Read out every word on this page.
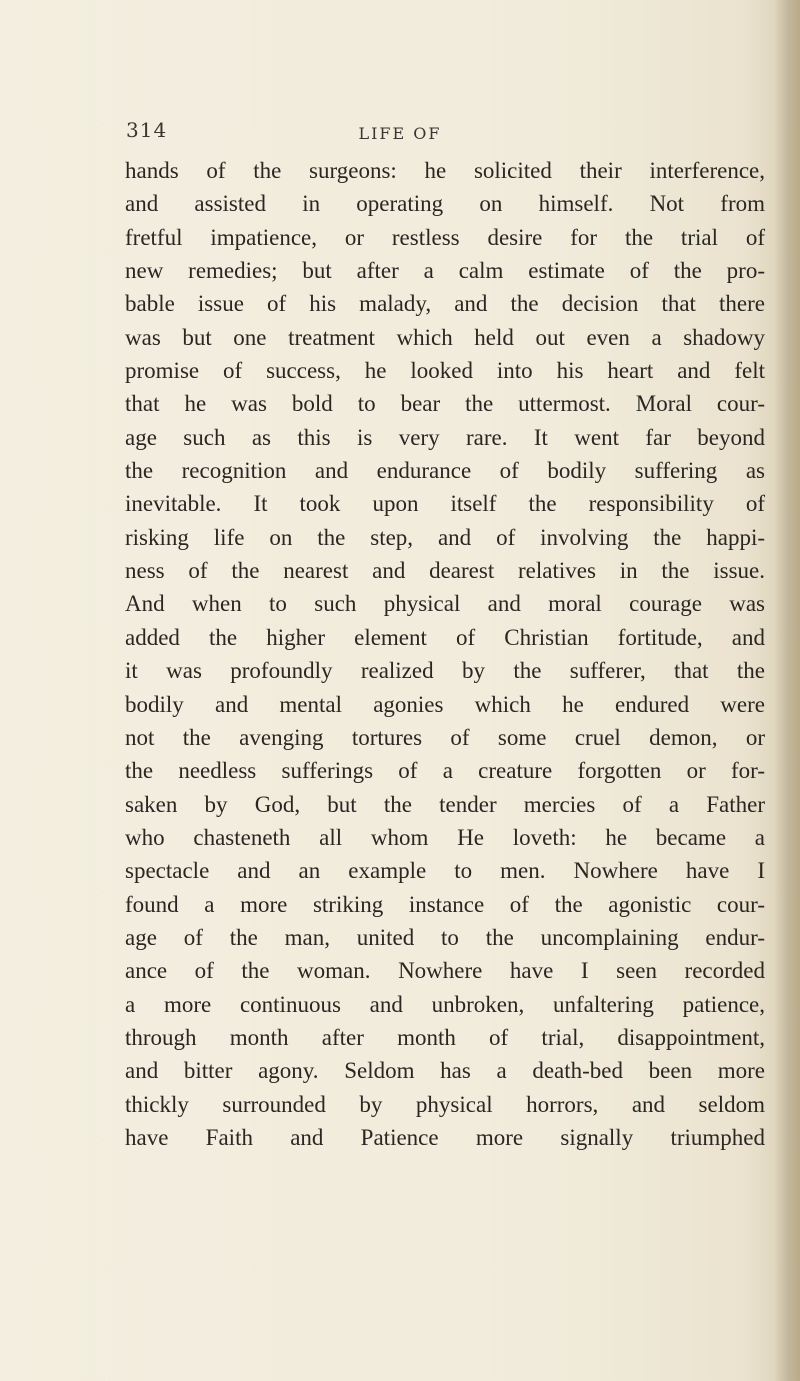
314	LIFE OF
hands of the surgeons: he solicited their interference,
and assisted in operating on himself. Not from
fretful impatience, or restless desire for the trial of
new remedies; but after a calm estimate of the pro-
bable issue of his malady, and the decision that there
was but one treatment which held out even a shadowy
promise of success, he looked into his heart and felt
that he was bold to bear the uttermost. Moral cour-
age such as this is very rare. It went far beyond
the recognition and endurance of bodily suffering as
inevitable. It took upon itself the responsibility of
risking life on the step, and of involving the happi-
ness of the nearest and dearest relatives in the issue.
And when to such physical and moral courage was
added the higher element of Christian fortitude, and
it was profoundly realized by the sufferer, that the
bodily and mental agonies which he endured were
not the avenging tortures of some cruel demon, or
the needless sufferings of a creature forgotten or for-
saken by God, but the tender mercies of a Father
who chasteneth all whom He loveth: he became a
spectacle and an example to men. Nowhere have I
found a more striking instance of the agonistic cour-
age of the man, united to the uncomplaining endur-
ance of the woman. Nowhere have I seen recorded
a more continuous and unbroken, unfaltering patience,
through month after month of trial, disappointment,
and bitter agony. Seldom has a death-bed been more
thickly surrounded by physical horrors, and seldom
have Faith and Patience more signally triumphed
